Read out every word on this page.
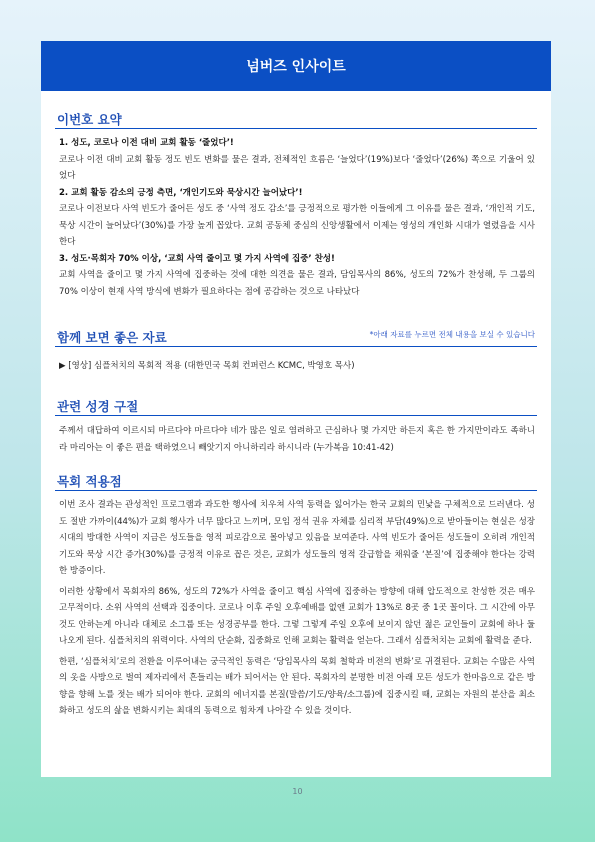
넘버즈 인사이트
이번호 요약
1. 성도, 코로나 이전 대비 교회 활동 ‘줄었다’!
코로나 이전 대비 교회 활동 정도 빈도 변화를 물은 결과, 전체적인 흐름은 ‘늘었다’(19%)보다 ‘줄었다’(26%) 쪽으로 기울어 있었다
2. 교회 활동 감소의 긍정 측면, ‘개인기도와 묵상시간 늘어났다’!
코로나 이전보다 사역 빈도가 줄어든 성도 중 ‘사역 정도 감소’를 긍정적으로 평가한 이들에게 그 이유를 물은 결과, ‘개인적 기도, 묵상 시간이 늘어났다’(30%)를 가장 높게 꼽았다. 교회 공동체 중심의 신앙생활에서 이제는 영성의 개인화 시대가 열렸음을 시사한다
3. 성도·목회자 70% 이상, ‘교회 사역 줄이고 몇 가지 사역에 집중’ 찬성!
교회 사역을 줄이고 몇 가지 사역에 집중하는 것에 대한 의견을 물은 결과, 담임목사의 86%, 성도의 72%가 찬성해, 두 그룹의 70% 이상이 현재 사역 방식에 변화가 필요하다는 점에 공감하는 것으로 나타났다
함께 보면 좋은 자료	*아래 자료를 누르면 전체 내용을 보실 수 있습니다
▶ [영상] 심플처치의 목회적 적용 (대한민국 목회 컨퍼런스 KCMC, 박영호 목사)
관련 성경 구절
주께서 대답하여 이르시되 마르다야 마르다야 네가 많은 일로 염려하고 근심하나 몇 가지만 하든지 혹은 한 가지만이라도 족하니라 마리아는 이 좋은 편을 택하였으니 빼앗기지 아니하리라 하시니라 (누가복음 10:41-42)
목회 적용점
이번 조사 결과는 관성적인 프로그램과 과도한 행사에 치우쳐 사역 동력을 잃어가는 한국 교회의 민낯을 구체적으로 드러낸다. 성도 절반 가까이(44%)가 교회 행사가 너무 많다고 느끼며, 모임 정석 권유 자체를 심리적 부담(49%)으로 받아들이는 현실은 성장시대의 방대한 사역이 지금은 성도들을 영적 피로감으로 몰아넣고 있음을 보여준다. 사역 빈도가 줄어든 성도들이 오히려 개인적 기도와 묵상 시간 증가(30%)를 긍정적 이유로 꼽은 것은, 교회가 성도들의 영적 갈급함을 채워줄 ‘본질’에 집중해야 한다는 강력한 방증이다.
이러한 상황에서 목회자의 86%, 성도의 72%가 사역을 줄이고 핵심 사역에 집중하는 방향에 대해 압도적으로 찬성한 것은 매우 고무적이다. 소위 사역의 선택과 집중이다. 코로나 이후 주일 오후예배를 없앤 교회가 13%로 8곳 중 1곳 꼴이다. 그 시간에 아무것도 안하는게 아니라 대체로 소그룹 또는 성경공부를 한다. 그렇 그렇게 주일 오후에 보이지 않던 젊은 교인들이 교회에 하나 둘 나오게 된다. 심플처치의 위력이다. 사역의 단순화, 집중화로 인해 교회는 활력을 얻는다. 그래서 심플처치는 교회에 활력을 준다.
한편, ‘심플처치’로의 전환을 이루어내는 궁극적인 동력은 ‘당임목사의 목회 철학과 비전의 변화’로 귀결된다. 교회는 수많은 사역의 옷을 사방으로 벌여 제자리에서 흔들리는 배가 되어서는 안 된다. 목회자의 분명한 비전 아래 모든 성도가 한마음으로 같은 방향을 향해 노를 젓는 배가 되어야 한다. 교회의 에너지를 본질(말씀/기도/양육/소그룹)에 집중시킬 때, 교회는 자원의 분산을 최소화하고 성도의 삶을 변화시키는 최대의 동력으로 힘차게 나아갈 수 있을 것이다.
10
